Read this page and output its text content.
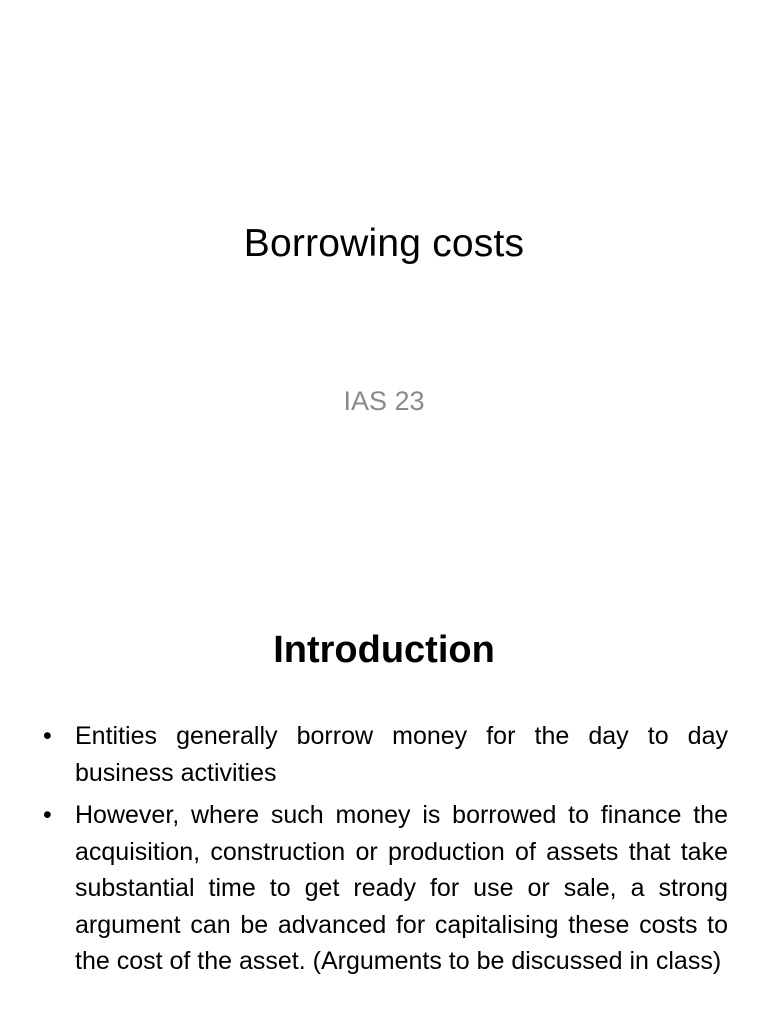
Borrowing costs
IAS 23
Introduction
• Entities generally borrow money for the day to day business activities
• However, where such money is borrowed to finance the acquisition, construction or production of assets that take substantial time to get ready for use or sale, a strong argument can be advanced for capitalising these costs to the cost of the asset. (Arguments to be discussed in class)
